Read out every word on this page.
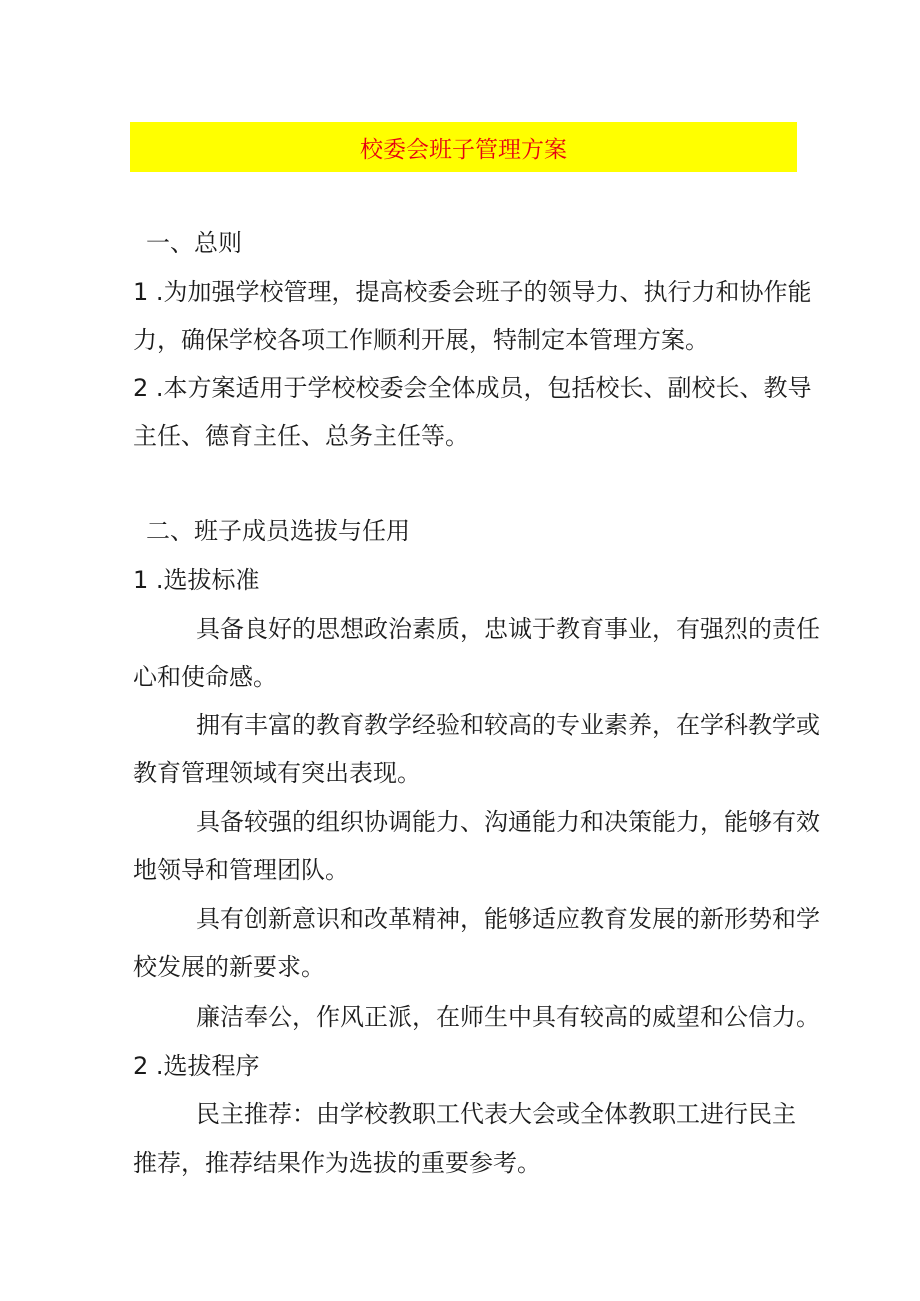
校委会班子管理方案
一、总则
1 .为加强学校管理，提高校委会班子的领导力、执行力和协作能
力，确保学校各项工作顺利开展，特制定本管理方案。
2 .本方案适用于学校校委会全体成员，包括校长、副校长、教导
主任、德育主任、总务主任等。
二、班子成员选拔与任用
1 .选拔标准
具备良好的思想政治素质，忠诚于教育事业，有强烈的责任
心和使命感。
拥有丰富的教育教学经验和较高的专业素养，在学科教学或
教育管理领域有突出表现。
具备较强的组织协调能力、沟通能力和决策能力，能够有效
地领导和管理团队。
具有创新意识和改革精神，能够适应教育发展的新形势和学
校发展的新要求。
廉洁奉公，作风正派，在师生中具有较高的威望和公信力。
2 .选拔程序
民主推荐：由学校教职工代表大会或全体教职工进行民主
推荐，推荐结果作为选拔的重要参考。
